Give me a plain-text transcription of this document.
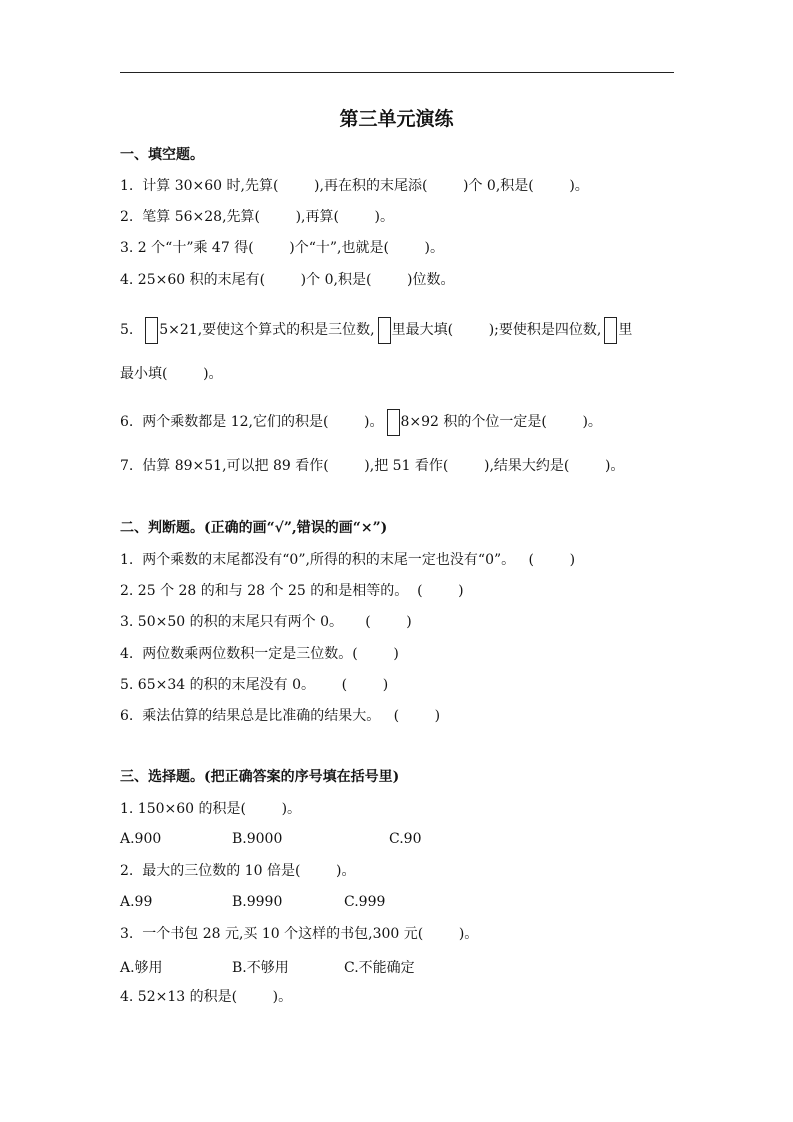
第三单元演练
一、填空题。
1.  计算 30×60 时,先算(        ),再在积的末尾添(        )个 0,积是(        )。
2.  笔算 56×28,先算(        ),再算(        )。
3. 2 个“十”乘 47 得(        )个“十”,也就是(        )。
4. 25×60 积的末尾有(        )个 0,积是(        )位数。
5.  5×21,要使这个算式的积是三位数, 里最大填(        );要使积是四位数, 里
最小填(        )。
6.  两个乘数都是 12,它们的积是(        )。 8×92 积的个位一定是(        )。
7.  估算 89×51,可以把 89 看作(        ),把 51 看作(        ),结果大约是(        )。
二、判断题。(正确的画“√”,错误的画“×”)
1.  两个乘数的末尾都没有“0”,所得的积的末尾一定也没有“0”。   (        )
2. 25 个 28 的和与 28 个 25 的和是相等的。  (        )
3. 50×50 的积的末尾只有两个 0。     (        )
4.  两位数乘两位数积一定是三位数。(        )
5. 65×34 的积的末尾没有 0。      (        )
6.  乘法估算的结果总是比准确的结果大。   (        )
三、选择题。(把正确答案的序号填在括号里)
1. 150×60 的积是(        )。
A.900	B.9000	C.90
2.  最大的三位数的 10 倍是(        )。
A.99	B.9990	C.999
3.  一个书包 28 元,买 10 个这样的书包,300 元(        )。
A.够用	B.不够用	C.不能确定
4. 52×13 的积是(        )。
